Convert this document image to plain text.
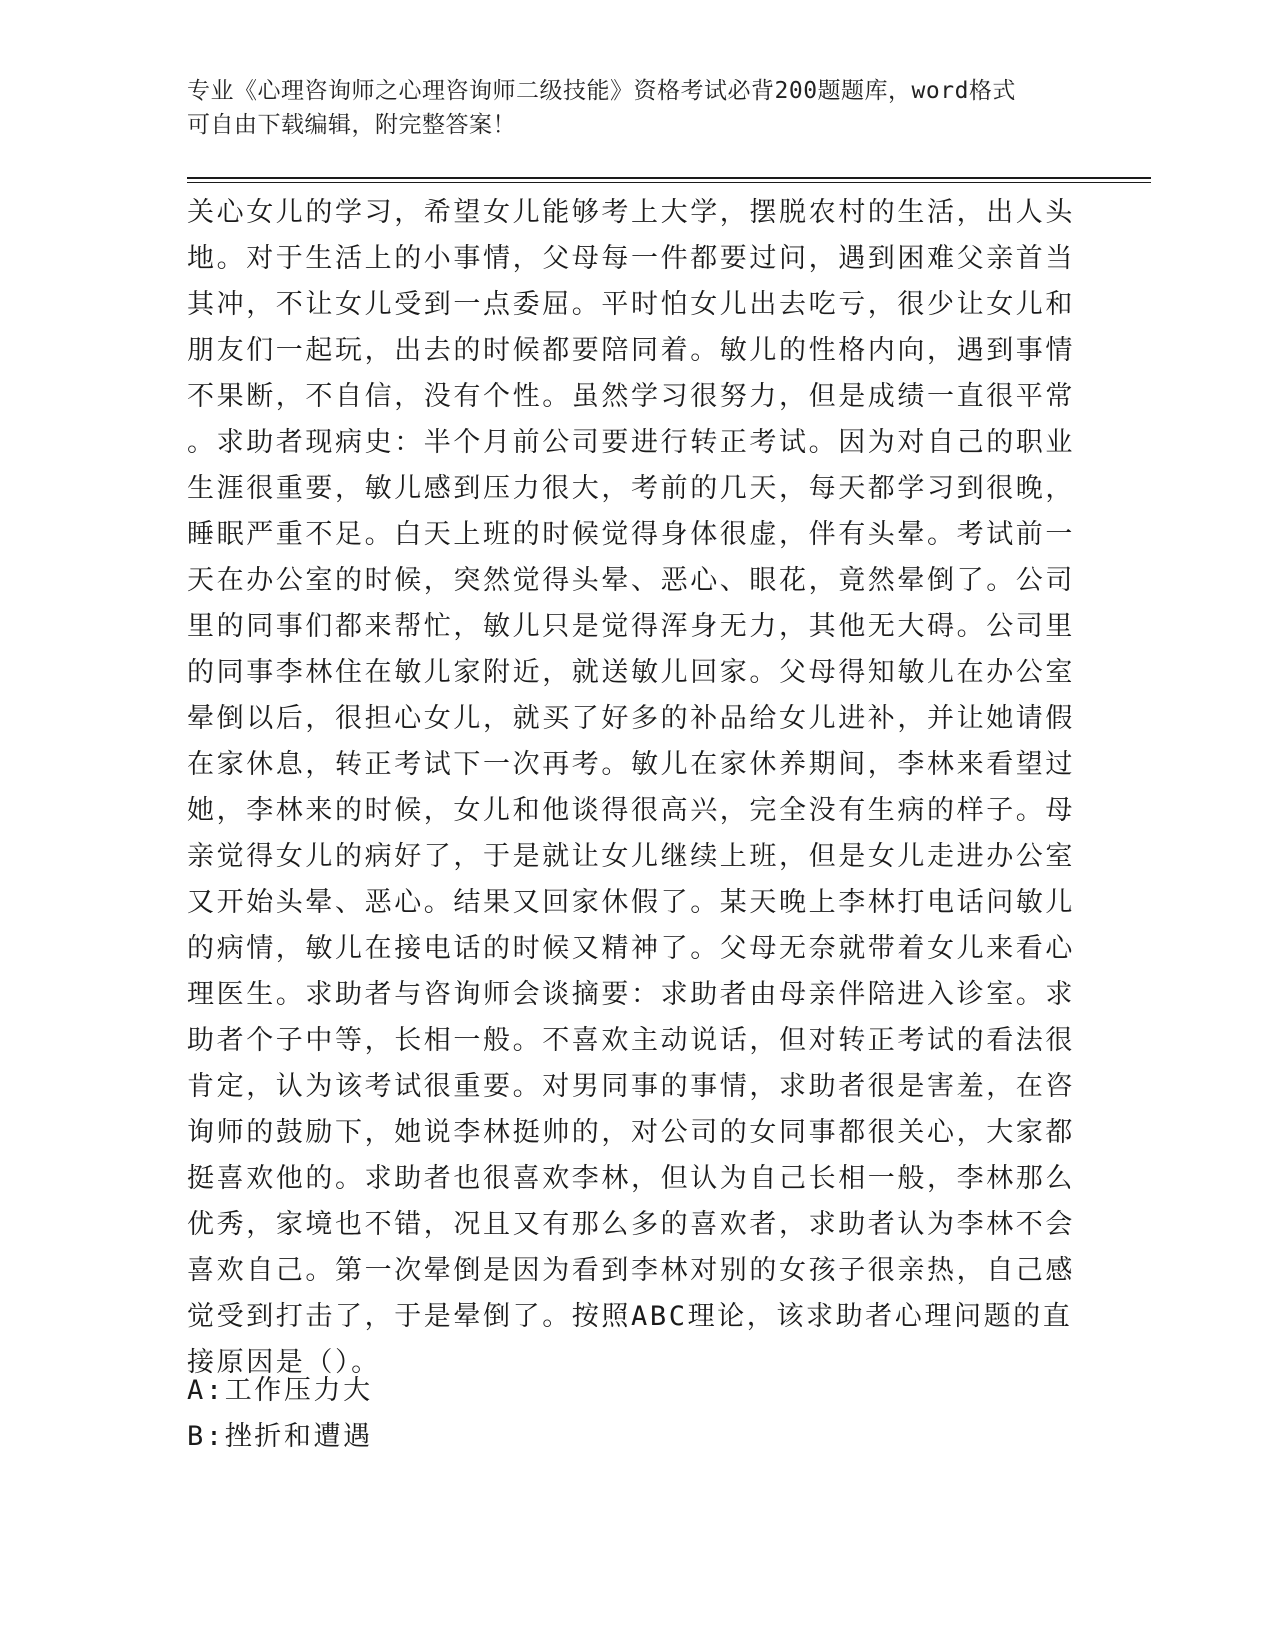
专业《心理咨询师之心理咨询师二级技能》资格考试必背200题题库，word格式
可自由下载编辑，附完整答案！
关心女儿的学习，希望女儿能够考上大学，摆脱农村的生活，出人头
地。对于生活上的小事情，父母每一件都要过问，遇到困难父亲首当
其冲，不让女儿受到一点委屈。平时怕女儿出去吃亏，很少让女儿和
朋友们一起玩，出去的时候都要陪同着。敏儿的性格内向，遇到事情
不果断，不自信，没有个性。虽然学习很努力，但是成绩一直很平常
。求助者现病史：半个月前公司要进行转正考试。因为对自己的职业
生涯很重要，敏儿感到压力很大，考前的几天，每天都学习到很晚，
睡眠严重不足。白天上班的时候觉得身体很虚，伴有头晕。考试前一
天在办公室的时候，突然觉得头晕、恶心、眼花，竟然晕倒了。公司
里的同事们都来帮忙，敏儿只是觉得浑身无力，其他无大碍。公司里
的同事李林住在敏儿家附近，就送敏儿回家。父母得知敏儿在办公室
晕倒以后，很担心女儿，就买了好多的补品给女儿进补，并让她请假
在家休息，转正考试下一次再考。敏儿在家休养期间，李林来看望过
她，李林来的时候，女儿和他谈得很高兴，完全没有生病的样子。母
亲觉得女儿的病好了，于是就让女儿继续上班，但是女儿走进办公室
又开始头晕、恶心。结果又回家休假了。某天晚上李林打电话问敏儿
的病情，敏儿在接电话的时候又精神了。父母无奈就带着女儿来看心
理医生。求助者与咨询师会谈摘要：求助者由母亲伴陪进入诊室。求
助者个子中等，长相一般。不喜欢主动说话，但对转正考试的看法很
肯定，认为该考试很重要。对男同事的事情，求助者很是害羞，在咨
询师的鼓励下，她说李林挺帅的，对公司的女同事都很关心，大家都
挺喜欢他的。求助者也很喜欢李林，但认为自己长相一般，李林那么
优秀，家境也不错，况且又有那么多的喜欢者，求助者认为李林不会
喜欢自己。第一次晕倒是因为看到李林对别的女孩子很亲热，自己感
觉受到打击了，于是晕倒了。按照ABC理论，该求助者心理问题的直
接原因是（）。
A:工作压力大
B:挫折和遭遇
